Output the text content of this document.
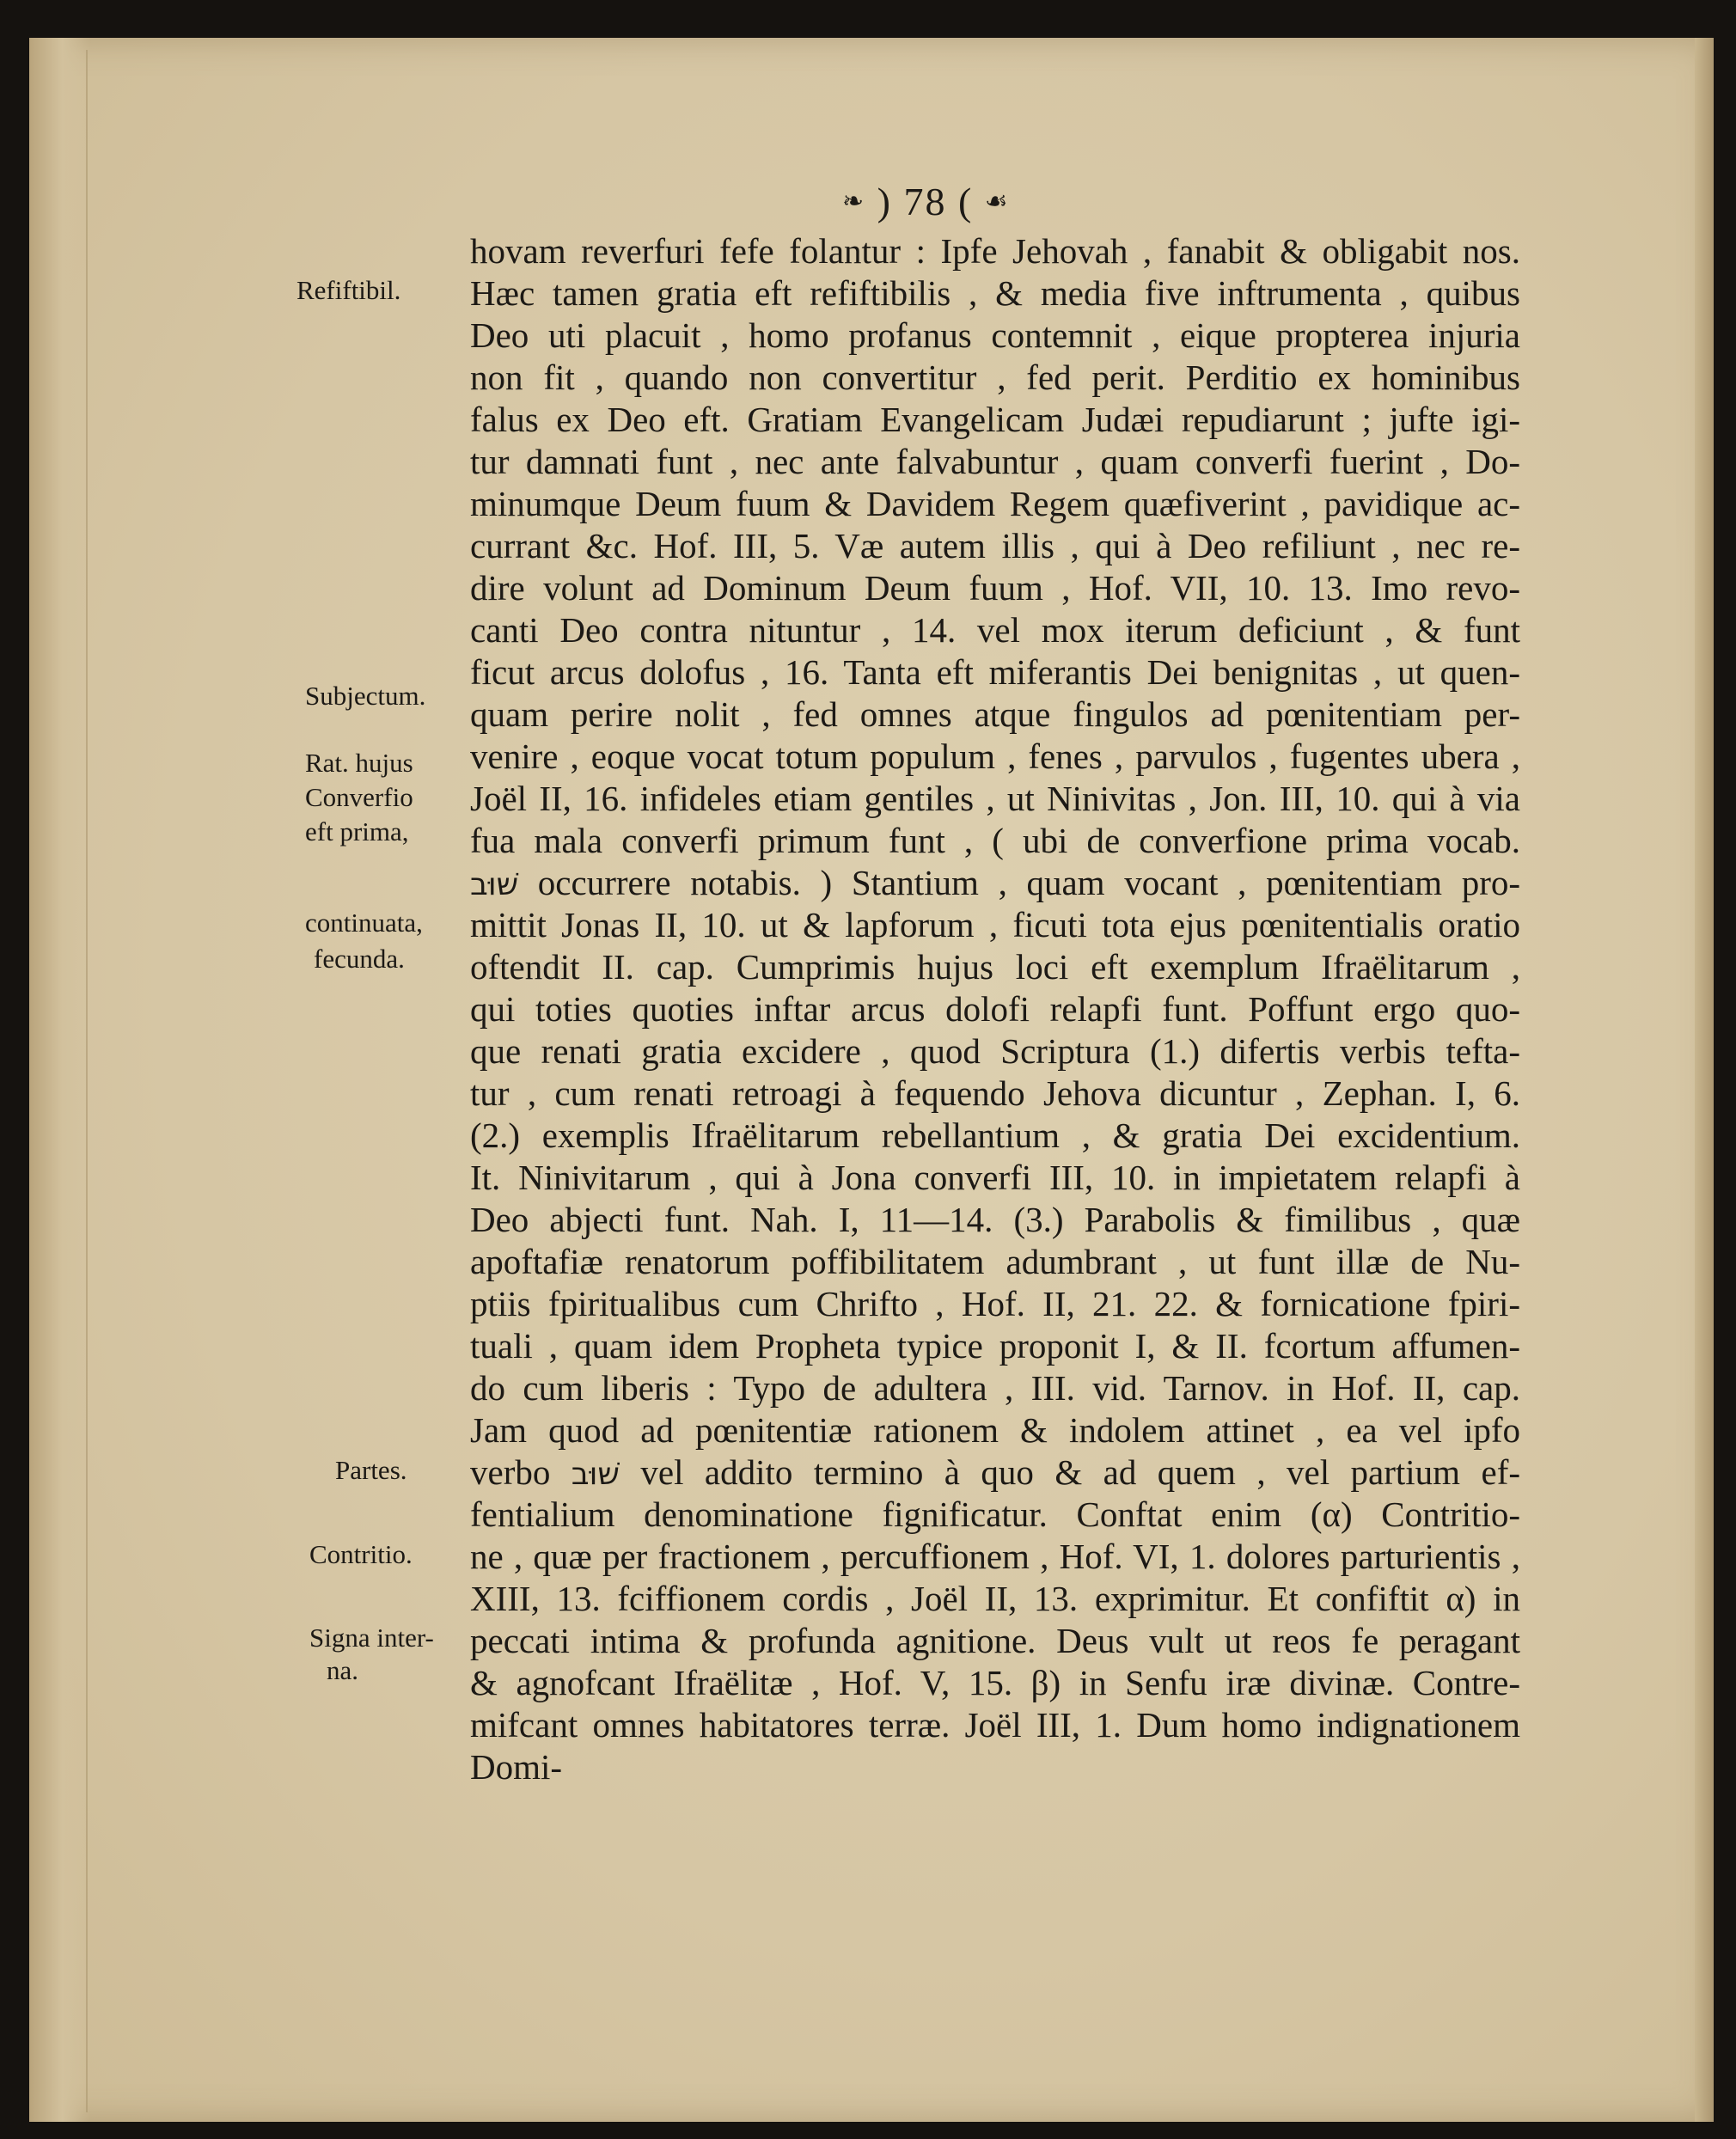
❧ ) 78 ( ☙
Refiftibil.
Subjectum.
Rat. hujus
Converfio
eft prima,
continuata,
fecunda.
Partes.
Contritio.
Signa inter-
na.
hovam reverfuri fefe folantur : Ipfe Jehovah , fanabit & obligabit nos.
Hæc tamen gratia eft refiftibilis , & media five inftrumenta , quibus
Deo uti placuit , homo profanus contemnit , eique propterea injuria
non fit , quando non convertitur , fed perit. Perditio ex hominibus
falus ex Deo eft. Gratiam Evangelicam Judæi repudiarunt ; jufte igi-
tur damnati funt , nec ante falvabuntur , quam converfi fuerint , Do-
minumque Deum fuum & Davidem Regem quæfiverint , pavidique ac-
currant &c. Hof. III, 5. Væ autem illis , qui à Deo refiliunt , nec re-
dire volunt ad Dominum Deum fuum , Hof. VII, 10. 13. Imo revo-
canti Deo contra nituntur , 14. vel mox iterum deficiunt , & funt
ficut arcus dolofus , 16. Tanta eft miferantis Dei benignitas , ut quen-
quam perire nolit , fed omnes atque fingulos ad pœnitentiam per-
venire , eoque vocat totum populum , fenes , parvulos , fugentes ubera ,
Joël II, 16. infideles etiam gentiles , ut Ninivitas , Jon. III, 10. qui à via
fua mala converfi primum funt , ( ubi de converfione prima vocab.
שׁוּב occurrere notabis. ) Stantium , quam vocant , pœnitentiam pro-
mittit Jonas II, 10. ut & lapforum , ficuti tota ejus pœnitentialis oratio
oftendit II. cap. Cumprimis hujus loci eft exemplum Ifraëlitarum ,
qui toties quoties inftar arcus dolofi relapfi funt. Poffunt ergo quo-
que renati gratia excidere , quod Scriptura (1.) difertis verbis tefta-
tur , cum renati retroagi à fequendo Jehova dicuntur , Zephan. I, 6.
(2.) exemplis Ifraëlitarum rebellantium , & gratia Dei excidentium.
It. Ninivitarum , qui à Jona converfi III, 10. in impietatem relapfi à
Deo abjecti funt. Nah. I, 11—14. (3.) Parabolis & fimilibus , quæ
apoftafiæ renatorum poffibilitatem adumbrant , ut funt illæ de Nu-
ptiis fpiritualibus cum Chrifto , Hof. II, 21. 22. & fornicatione fpiri-
tuali , quam idem Propheta typice proponit I, & II. fcortum affumen-
do cum liberis : Typo de adultera , III. vid. Tarnov. in Hof. II, cap.
Jam quod ad pœnitentiæ rationem & indolem attinet , ea vel ipfo
verbo שׁוּב vel addito termino à quo & ad quem , vel partium ef-
fentialium denominatione fignificatur. Conftat enim (α) Contritio-
ne , quæ per fractionem , percuffionem , Hof. VI, 1. dolores parturientis ,
XIII, 13. fciffionem cordis , Joël II, 13. exprimitur. Et confiftit α) in
peccati intima & profunda agnitione. Deus vult ut reos fe peragant
& agnofcant Ifraëlitæ , Hof. V, 15. β) in Senfu iræ divinæ. Contre-
mifcant omnes habitatores terræ. Joël III, 1. Dum homo indignationem
Domi-
